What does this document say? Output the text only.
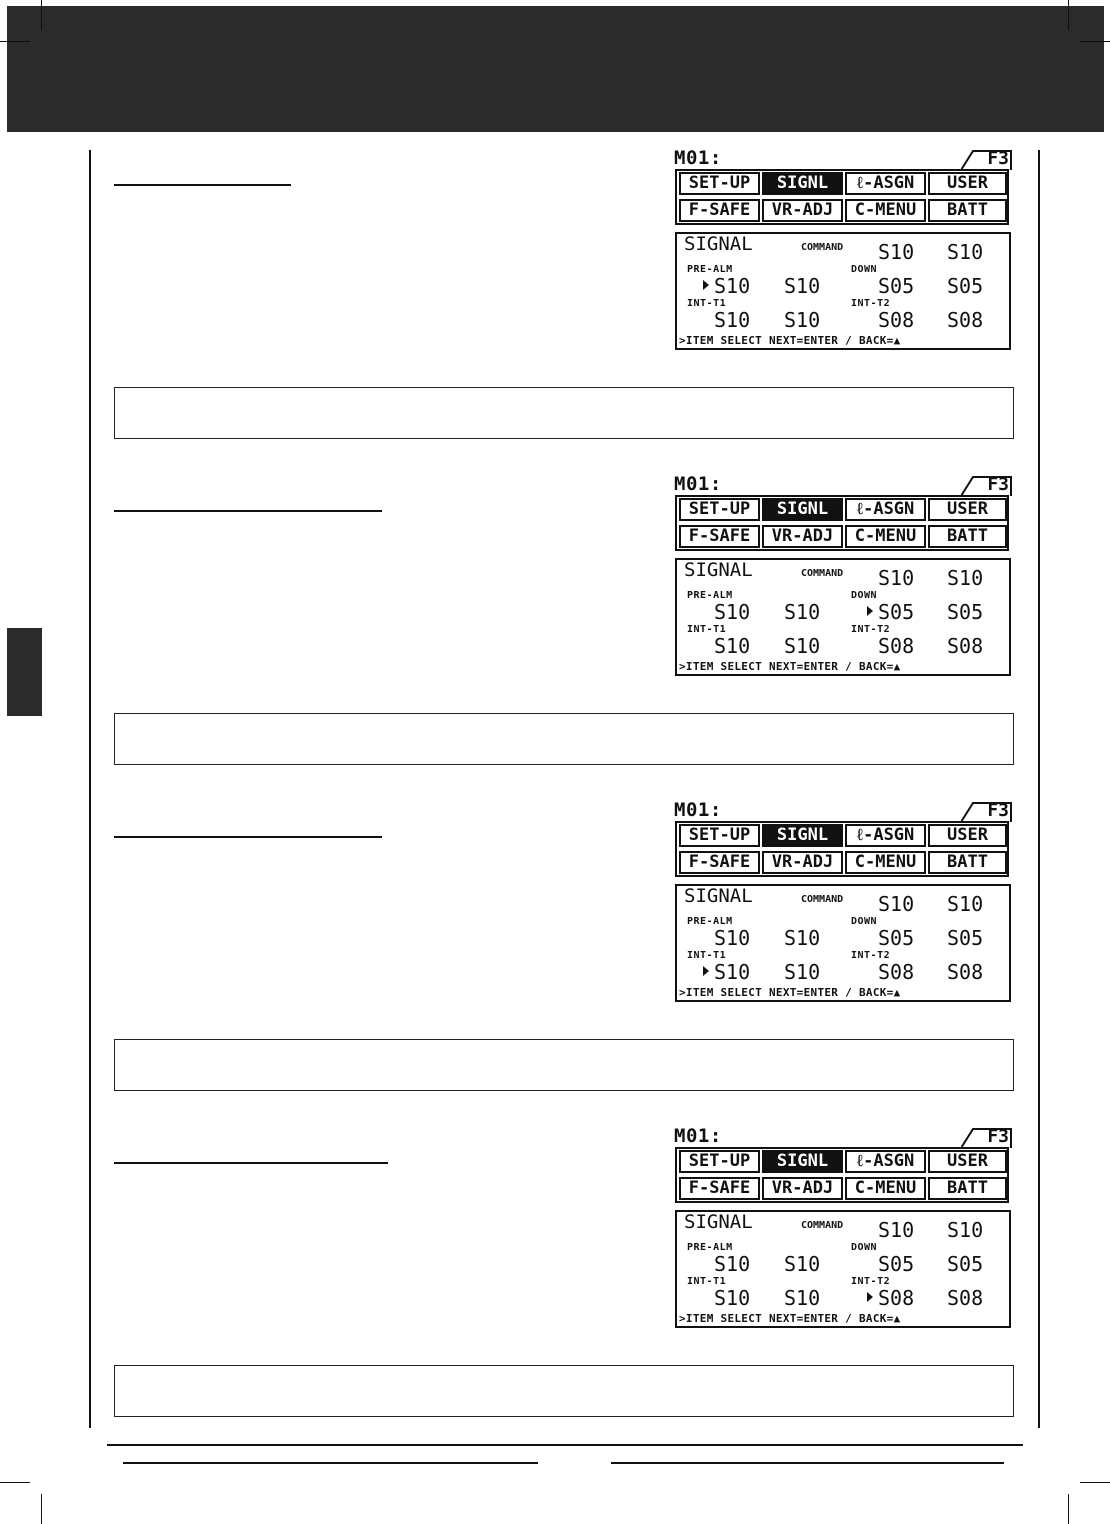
M01:	F3
SET-UP	SIGNL	ℓ-ASGN	USER
F-SAFE	VR-ADJ	C-MENU	BATT
SIGNAL	COMMAND S10 S10
PRE-ALM	DOWN
S10 S10	S05 S05
INT-T1	INT-T2
S10 S10	S08 S08
>ITEM SELECT NEXT=ENTER / BACK=▲
M01:	F3
SET-UP	SIGNL	ℓ-ASGN	USER
F-SAFE	VR-ADJ	C-MENU	BATT
SIGNAL	COMMAND S10 S10
PRE-ALM	DOWN
S10 S10	S05 S05
INT-T1	INT-T2
S10 S10	S08 S08
>ITEM SELECT NEXT=ENTER / BACK=▲
M01:	F3
SET-UP	SIGNL	ℓ-ASGN	USER
F-SAFE	VR-ADJ	C-MENU	BATT
SIGNAL	COMMAND S10 S10
PRE-ALM	DOWN
S10 S10	S05 S05
INT-T1	INT-T2
S10 S10	S08 S08
>ITEM SELECT NEXT=ENTER / BACK=▲
M01:	F3
SET-UP	SIGNL	ℓ-ASGN	USER
F-SAFE	VR-ADJ	C-MENU	BATT
SIGNAL	COMMAND S10 S10
PRE-ALM	DOWN
S10 S10	S05 S05
INT-T1	INT-T2
S10 S10	S08 S08
>ITEM SELECT NEXT=ENTER / BACK=▲
